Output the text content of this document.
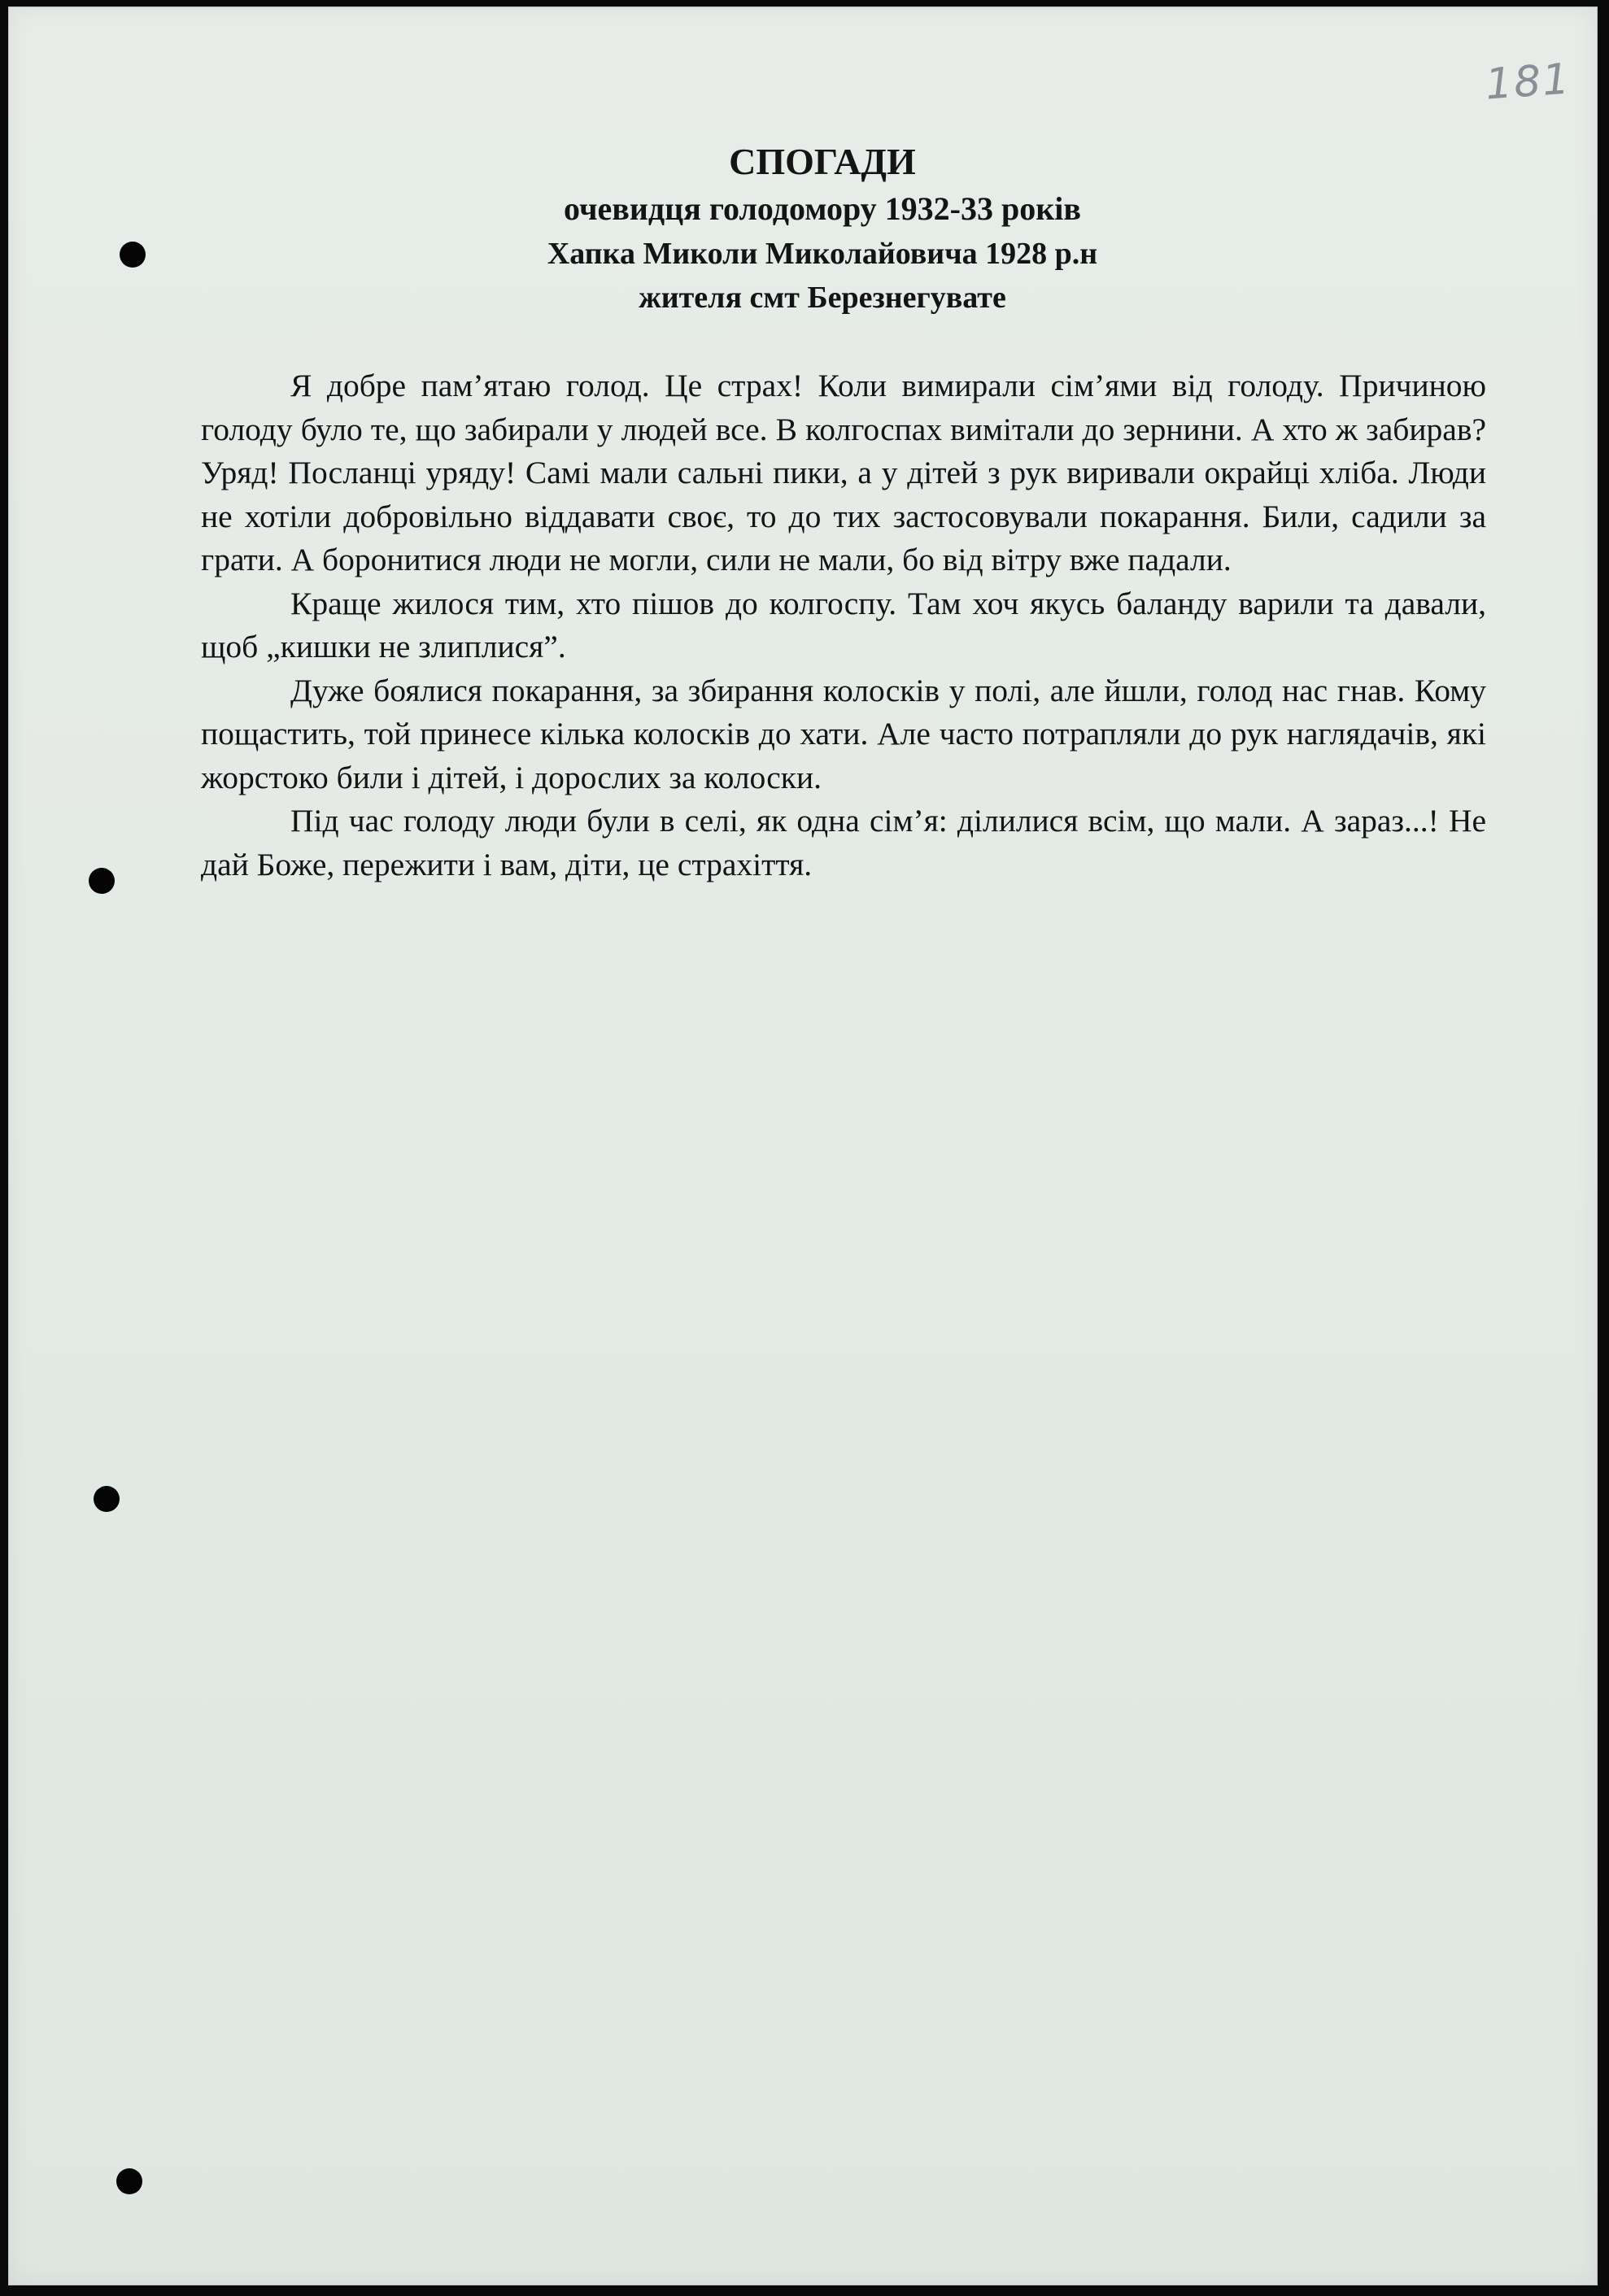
181
СПОГАДИ
очевидця голодомору 1932-33 років
Хапка Миколи Миколайовича 1928 р.н
жителя смт Березнегувате

Я добре пам’ятаю голод. Це страх! Коли вимирали сім’ями від голоду. Причиною голоду було те, що забирали у людей все. В колгоспах вимітали до зернини. А хто ж забирав? Уряд! Посланці уряду! Самі мали сальні пики, а у дітей з рук виривали окрайці хліба. Люди не хотіли добровільно віддавати своє, то до тих застосовували покарання. Били, садили за грати. А боронитися люди не могли, сили не мали, бо від вітру вже падали.

Краще жилося тим, хто пішов до колгоспу. Там хоч якусь баланду варили та давали, щоб „кишки не злиплися”.

Дуже боялися покарання, за збирання колосків у полі, але йшли, голод нас гнав. Кому пощастить, той принесе кілька колосків до хати. Але часто потрапляли до рук наглядачів, які жорстоко били і дітей, і дорослих за колоски.

Під час голоду люди були в селі, як одна сім’я: ділилися всім, що мали. А зараз...! Не дай Боже, пережити і вам, діти, це страхіття.
